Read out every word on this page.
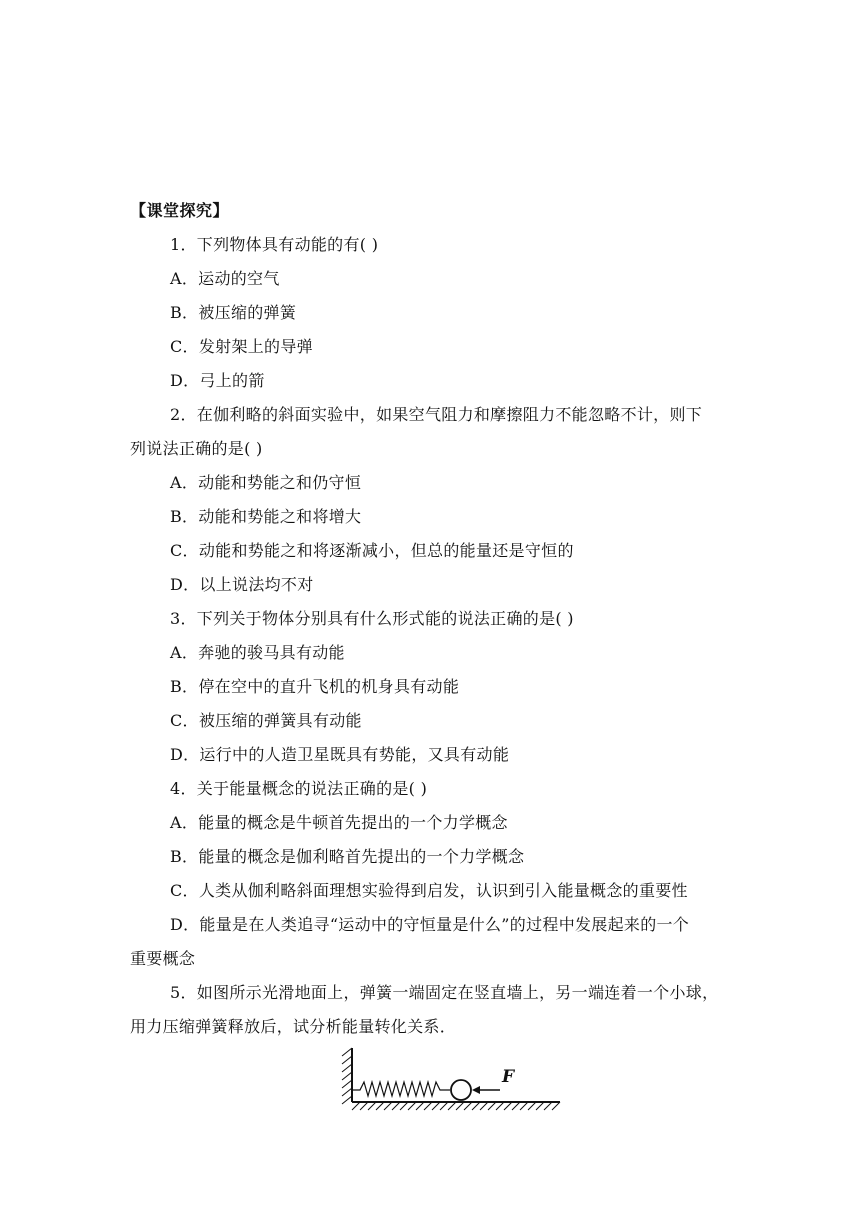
【课堂探究】
1．下列物体具有动能的有( )
A．运动的空气
B．被压缩的弹簧
C．发射架上的导弹
D．弓上的箭
2．在伽利略的斜面实验中，如果空气阻力和摩擦阻力不能忽略不计，则下
列说法正确的是( )
A．动能和势能之和仍守恒
B．动能和势能之和将增大
C．动能和势能之和将逐渐减小，但总的能量还是守恒的
D．以上说法均不对
3．下列关于物体分别具有什么形式能的说法正确的是( )
A．奔驰的骏马具有动能
B．停在空中的直升飞机的机身具有动能
C．被压缩的弹簧具有动能
D．运行中的人造卫星既具有势能，又具有动能
4．关于能量概念的说法正确的是( )
A．能量的概念是牛顿首先提出的一个力学概念
B．能量的概念是伽利略首先提出的一个力学概念
C．人类从伽利略斜面理想实验得到启发，认识到引入能量概念的重要性
D．能量是在人类追寻“运动中的守恒量是什么”的过程中发展起来的一个
重要概念
5．如图所示光滑地面上，弹簧一端固定在竖直墙上，另一端连着一个小球，
用力压缩弹簧释放后，试分析能量转化关系．
F
